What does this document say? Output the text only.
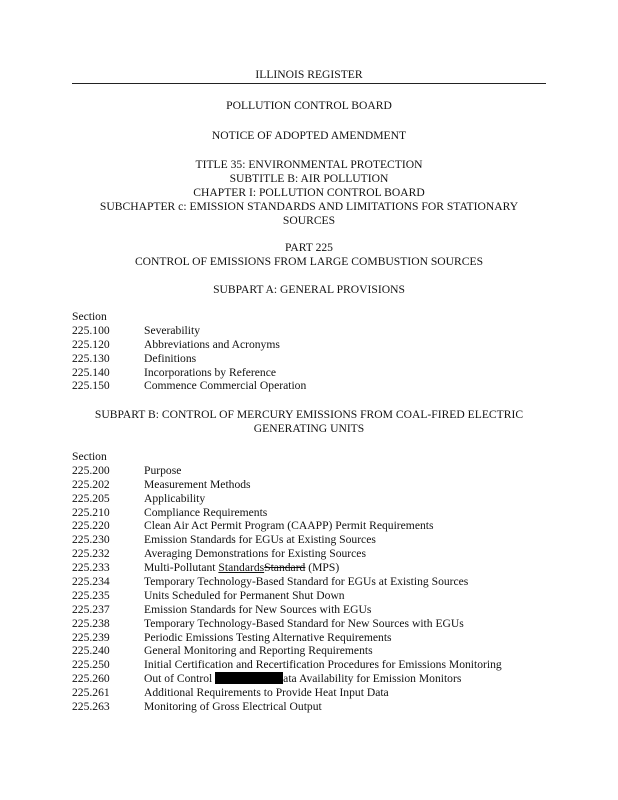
ILLINOIS REGISTER
POLLUTION CONTROL BOARD
NOTICE OF ADOPTED AMENDMENT
TITLE 35: ENVIRONMENTAL PROTECTION
SUBTITLE B: AIR POLLUTION
CHAPTER I: POLLUTION CONTROL BOARD
SUBCHAPTER c: EMISSION STANDARDS AND LIMITATIONS FOR STATIONARY
SOURCES
PART 225
CONTROL OF EMISSIONS FROM LARGE COMBUSTION SOURCES
SUBPART A: GENERAL PROVISIONS
Section
225.100	Severability
225.120	Abbreviations and Acronyms
225.130	Definitions
225.140	Incorporations by Reference
225.150	Commence Commercial Operation
SUBPART B: CONTROL OF MERCURY EMISSIONS FROM COAL-FIRED ELECTRIC
GENERATING UNITS
Section
225.200	Purpose
225.202	Measurement Methods
225.205	Applicability
225.210	Compliance Requirements
225.220	Clean Air Act Permit Program (CAAPP) Permit Requirements
225.230	Emission Standards for EGUs at Existing Sources
225.232	Averaging Demonstrations for Existing Sources
225.233	Multi-Pollutant StandardsStandard (MPS)
225.234	Temporary Technology-Based Standard for EGUs at Existing Sources
225.235	Units Scheduled for Permanent Shut Down
225.237	Emission Standards for New Sources with EGUs
225.238	Temporary Technology-Based Standard for New Sources with EGUs
225.239	Periodic Emissions Testing Alternative Requirements
225.240	General Monitoring and Reporting Requirements
225.250	Initial Certification and Recertification Procedures for Emissions Monitoring
225.260	Out of Control	ata Availability for Emission Monitors
225.261	Additional Requirements to Provide Heat Input Data
225.263	Monitoring of Gross Electrical Output
